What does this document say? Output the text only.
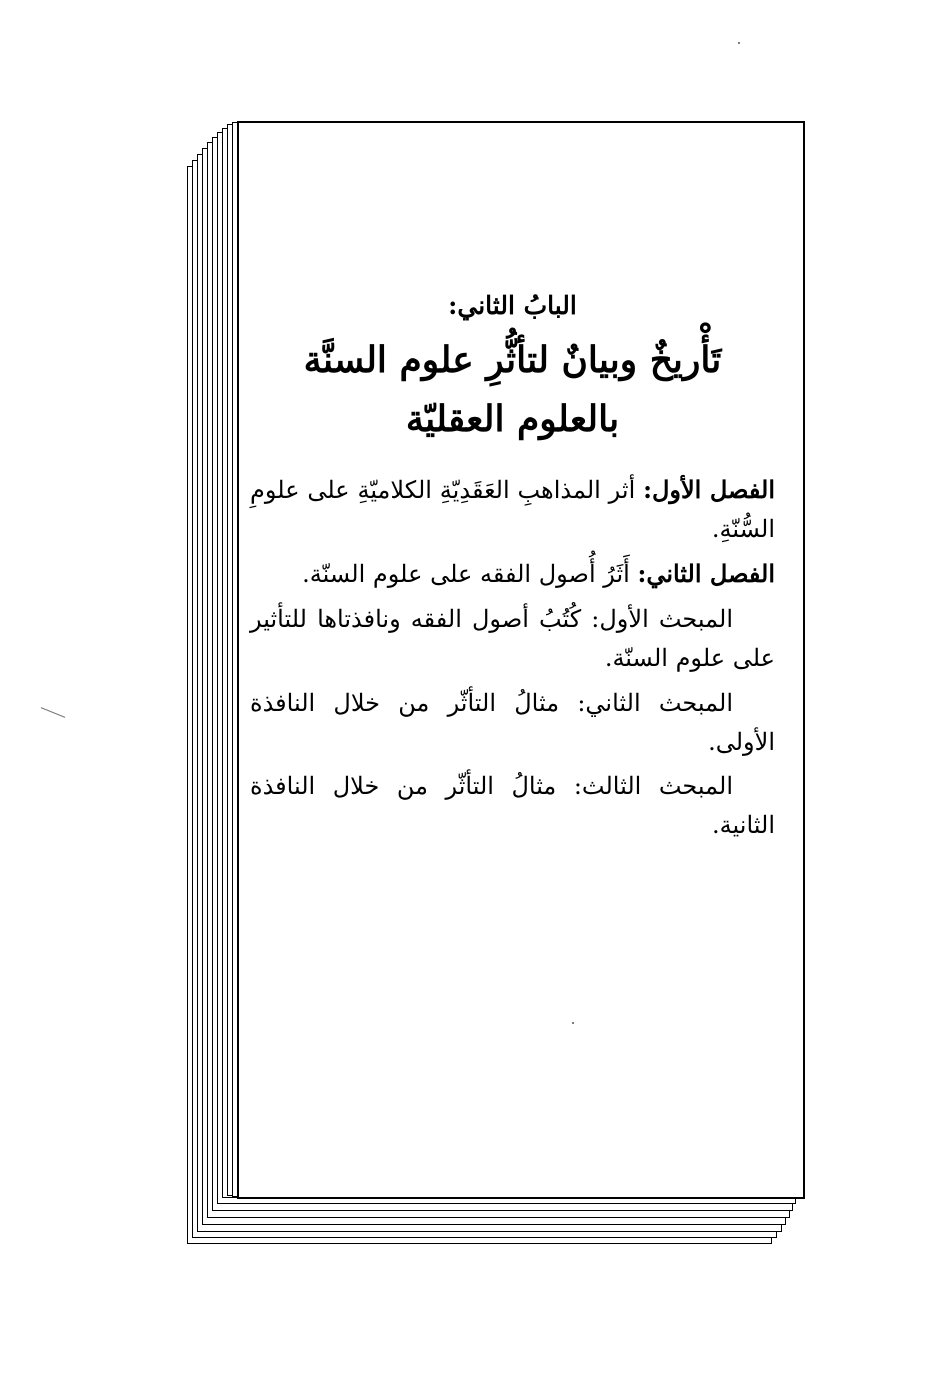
البابُ الثاني:
تَأْريخٌ وبيانٌ لتأثُّرِ علوم السنَّة
بالعلوم العقليّة

الفصل الأول: أثر المذاهبِ العَقَدِيّةِ الكلاميّةِ على علومِ السُّنّةِ.

الفصل الثاني: أَثَرُ أُصول الفقه على علوم السنّة.

المبحث الأول: كُتُبُ أصول الفقه ونافذتاها للتأثير على علوم السنّة.

المبحث الثاني: مثالُ التأثّر من خلال النافذة الأولى.

المبحث الثالث: مثالُ التأثّر من خلال النافذة الثانية.
